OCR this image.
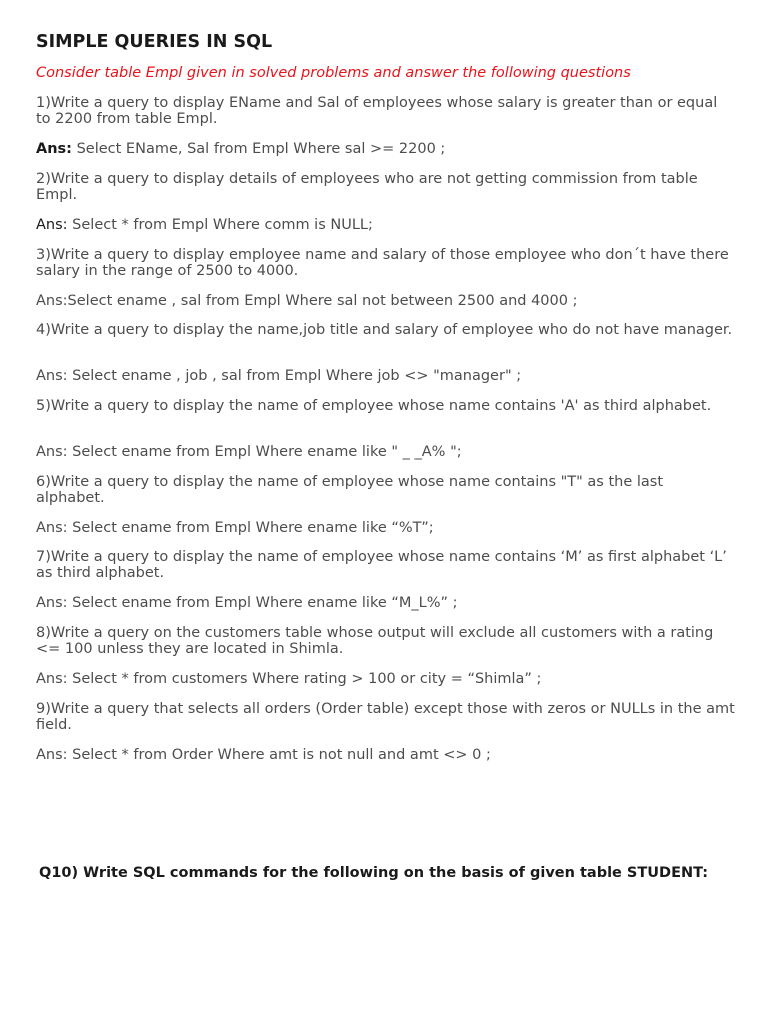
SIMPLE QUERIES IN SQL
Consider table Empl given in solved problems and answer the following questions
1)Write a query to display EName and Sal of employees whose salary is greater than or equal to 2200 from table Empl.
Ans: Select EName, Sal from Empl Where sal >= 2200 ;
2)Write a query to display details of employees who are not getting commission from table Empl.
Ans: Select * from Empl Where comm is NULL;
3)Write a query to display employee name and salary of those employee who don´t have there salary in the range of 2500 to 4000.
Ans:Select ename , sal from Empl Where sal not between 2500 and 4000 ;
4)Write a query to display the name,job title and salary of employee who do not have manager.
Ans: Select ename , job , sal from Empl Where job <> "manager" ;
5)Write a query to display the name of employee whose name contains 'A' as third alphabet.
Ans: Select ename from Empl Where ename like " _ _A% ";
6)Write a query to display the name of employee whose name contains "T" as the last alphabet.
Ans: Select ename from Empl Where ename like “%T”;
7)Write a query to display the name of employee whose name contains ‘M’ as first alphabet ‘L’ as third alphabet.
Ans: Select ename from Empl Where ename like “M_L%” ;
8)Write a query on the customers table whose output will exclude all customers with a rating <= 100 unless they are located in Shimla.
Ans: Select * from customers Where rating > 100 or city = “Shimla” ;
9)Write a query that selects all orders (Order table) except those with zeros or NULLs in the amt field.
Ans: Select * from Order Where amt is not null and amt <> 0 ;
Q10) Write SQL commands for the following on the basis of given table STUDENT:
